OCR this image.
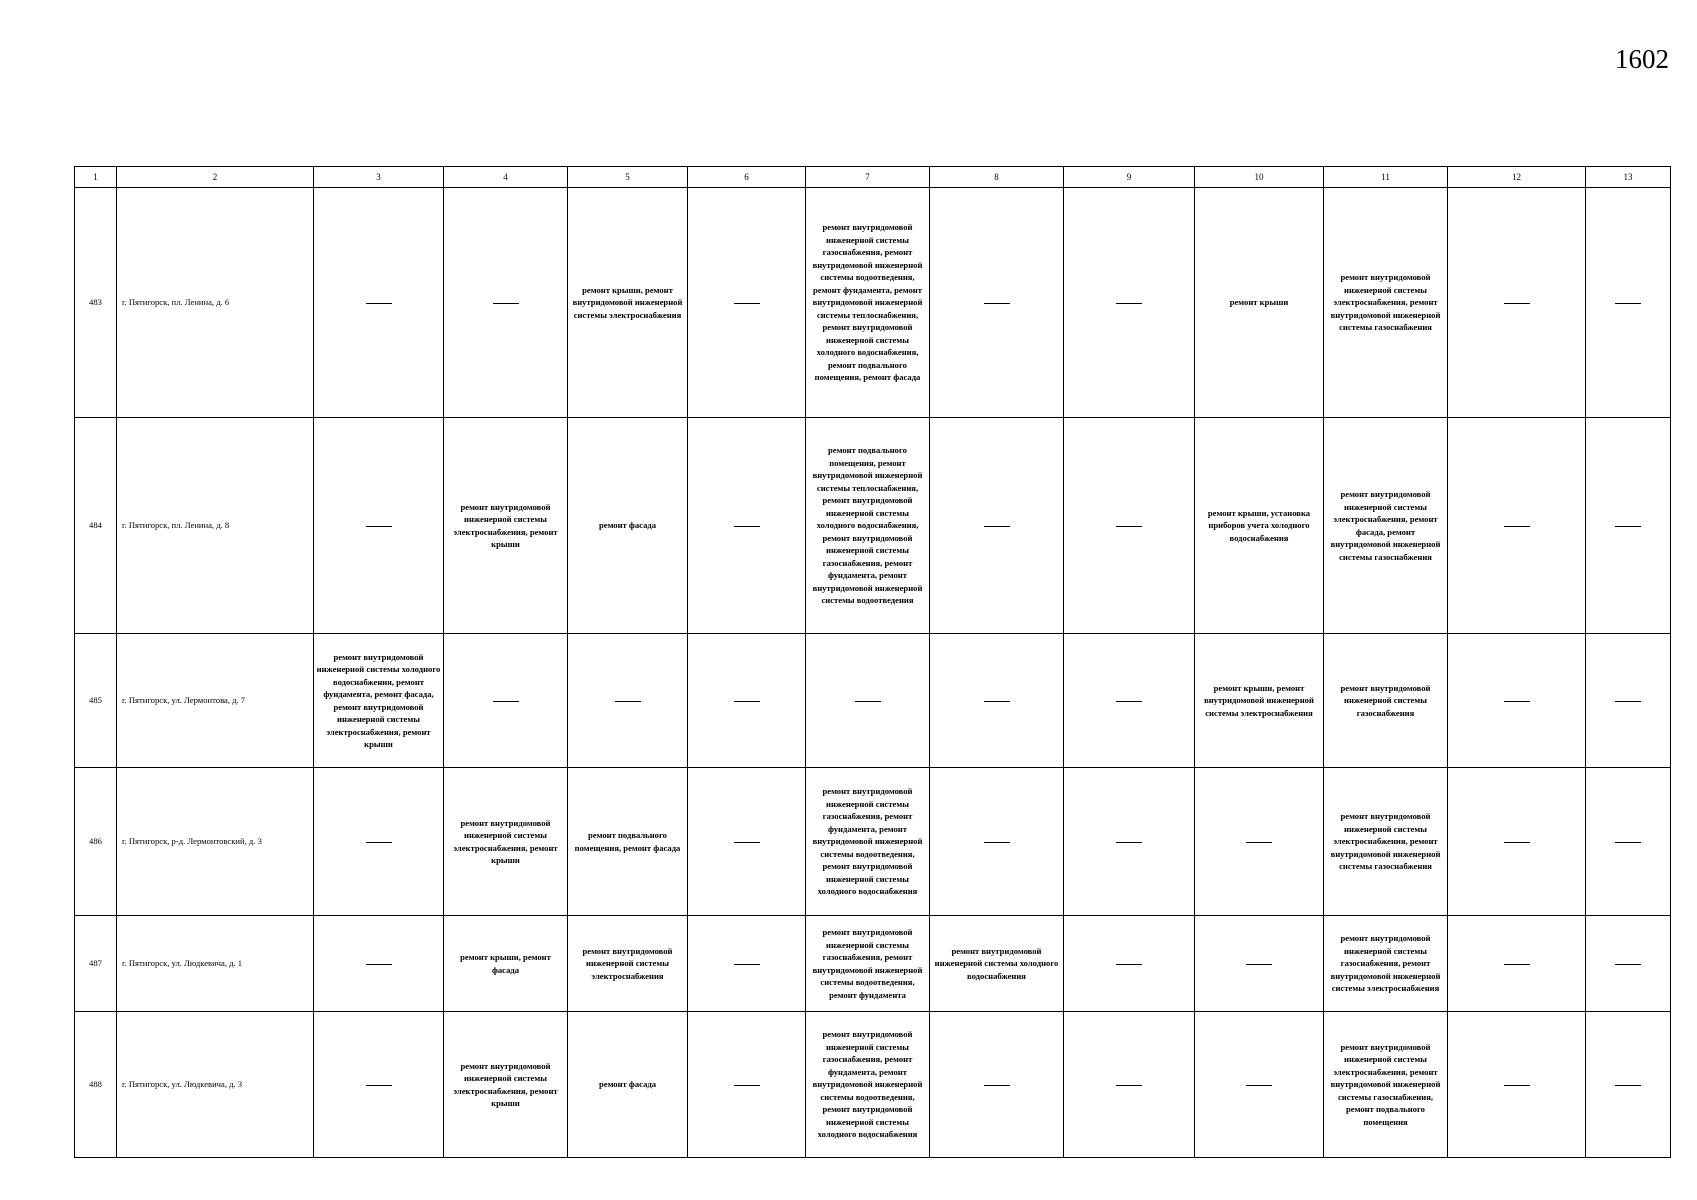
1602
1	2	3	4	5	6	7	8	9	10	11	12	13
483	г. Пятигорск, пл. Ленина, д. 6			ремонт крыши, ремонт внутридомовой инженерной системы электроснабжения		ремонт внутридомовой инженерной системы газоснабжения, ремонт внутридомовой инженерной системы водоотведения, ремонт фундамента, ремонт внутридомовой инженерной системы теплоснабжения, ремонт внутридомовой инженерной системы холодного водоснабжения, ремонт подвального помещения, ремонт фасада			ремонт крыши	ремонт внутридомовой инженерной системы электроснабжения, ремонт внутридомовой инженерной системы газоснабжения		
484	г. Пятигорск, пл. Ленина, д. 8		ремонт внутридомовой инженерной системы электроснабжения, ремонт крыши	ремонт фасада		ремонт подвального помещения, ремонт внутридомовой инженерной системы теплоснабжения, ремонт внутридомовой инженерной системы холодного водоснабжения, ремонт внутридомовой инженерной системы газоснабжения, ремонт фундамента, ремонт внутридомовой инженерной системы водоотведения			ремонт крыши, установка приборов учета холодного водоснабжения	ремонт внутридомовой инженерной системы электроснабжения, ремонт фасада, ремонт внутридомовой инженерной системы газоснабжения		
485	г. Пятигорск, ул. Лермонтова, д. 7	ремонт внутридомовой инженерной системы холодного водоснабжения, ремонт фундамента, ремонт фасада, ремонт внутридомовой инженерной системы электроснабжения, ремонт крыши							ремонт крыши, ремонт внутридомовой инженерной системы электроснабжения	ремонт внутридомовой инженерной системы газоснабжения		
486	г. Пятигорск, р-д. Лермонтовский, д. 3		ремонт внутридомовой инженерной системы электроснабжения, ремонт крыши	ремонт подвального помещения, ремонт фасада		ремонт внутридомовой инженерной системы газоснабжения, ремонт фундамента, ремонт внутридомовой инженерной системы водоотведения, ремонт внутридомовой инженерной системы холодного водоснабжения				ремонт внутридомовой инженерной системы электроснабжения, ремонт внутридомовой инженерной системы газоснабжения		
487	г. Пятигорск, ул. Людкевича, д. 1		ремонт крыши, ремонт фасада	ремонт внутридомовой инженерной системы электроснабжения		ремонт внутридомовой инженерной системы газоснабжения, ремонт внутридомовой инженерной системы водоотведения, ремонт фундамента	ремонт внутридомовой инженерной системы холодного водоснабжения			ремонт внутридомовой инженерной системы газоснабжения, ремонт внутридомовой инженерной системы электроснабжения		
488	г. Пятигорск, ул. Людкевича, д. 3		ремонт внутридомовой инженерной системы электроснабжения, ремонт крыши	ремонт фасада		ремонт внутридомовой инженерной системы газоснабжения, ремонт фундамента, ремонт внутридомовой инженерной системы водоотведения, ремонт внутридомовой инженерной системы холодного водоснабжения				ремонт внутридомовой инженерной системы электроснабжения, ремонт внутридомовой инженерной системы газоснабжения, ремонт подвального помещения		
